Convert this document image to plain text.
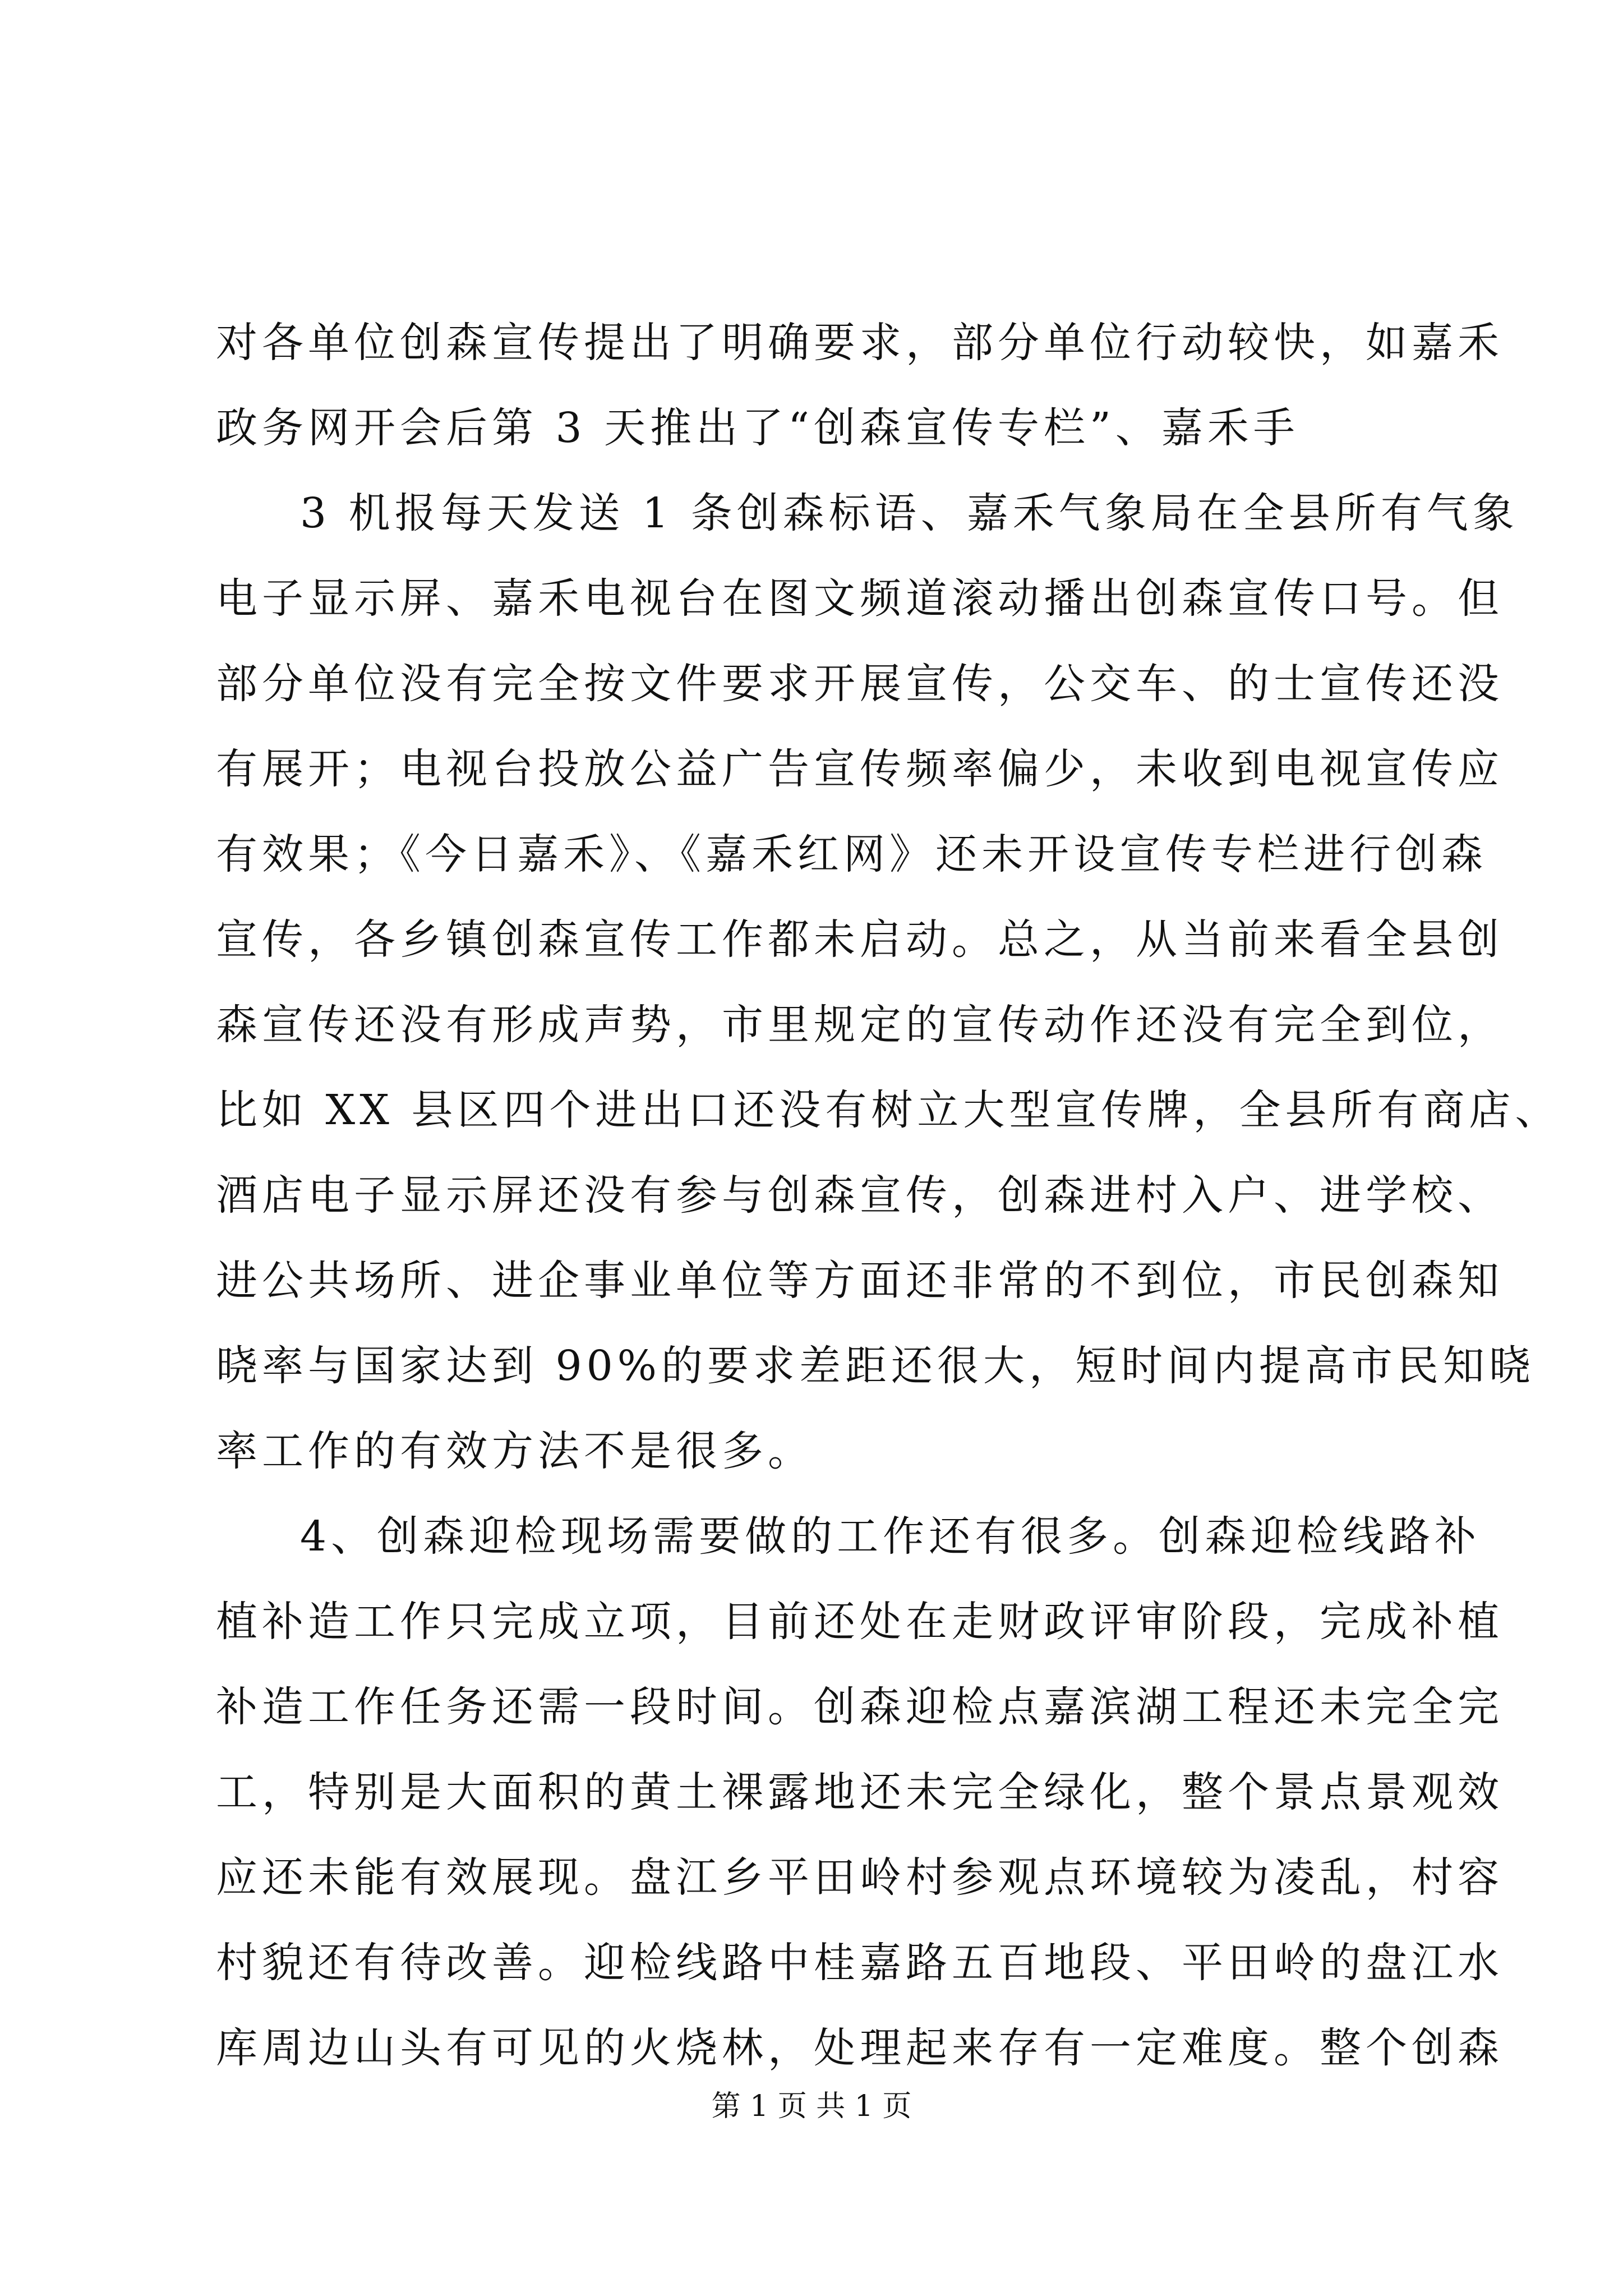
对各单位创森宣传提出了明确要求，部分单位行动较快，如嘉禾
政务网开会后第 3 天推出了“创森宣传专栏”、嘉禾手
3 机报每天发送 1 条创森标语、嘉禾气象局在全县所有气象
电子显示屏、嘉禾电视台在图文频道滚动播出创森宣传口号。但
部分单位没有完全按文件要求开展宣传，公交车、的士宣传还没
有展开；电视台投放公益广告宣传频率偏少，未收到电视宣传应
有效果；《今日嘉禾》、《嘉禾红网》还未开设宣传专栏进行创森
宣传，各乡镇创森宣传工作都未启动。总之，从当前来看全县创
森宣传还没有形成声势，市里规定的宣传动作还没有完全到位，
比如 XX 县区四个进出口还没有树立大型宣传牌，全县所有商店、
酒店电子显示屏还没有参与创森宣传，创森进村入户、进学校、
进公共场所、进企事业单位等方面还非常的不到位，市民创森知
晓率与国家达到 90%的要求差距还很大，短时间内提高市民知晓
率工作的有效方法不是很多。
4、创森迎检现场需要做的工作还有很多。创森迎检线路补
植补造工作只完成立项，目前还处在走财政评审阶段，完成补植
补造工作任务还需一段时间。创森迎检点嘉滨湖工程还未完全完
工，特别是大面积的黄土裸露地还未完全绿化，整个景点景观效
应还未能有效展现。盘江乡平田岭村参观点环境较为凌乱，村容
村貌还有待改善。迎检线路中桂嘉路五百地段、平田岭的盘江水
库周边山头有可见的火烧林，处理起来存有一定难度。整个创森
第 1 页 共 1 页
